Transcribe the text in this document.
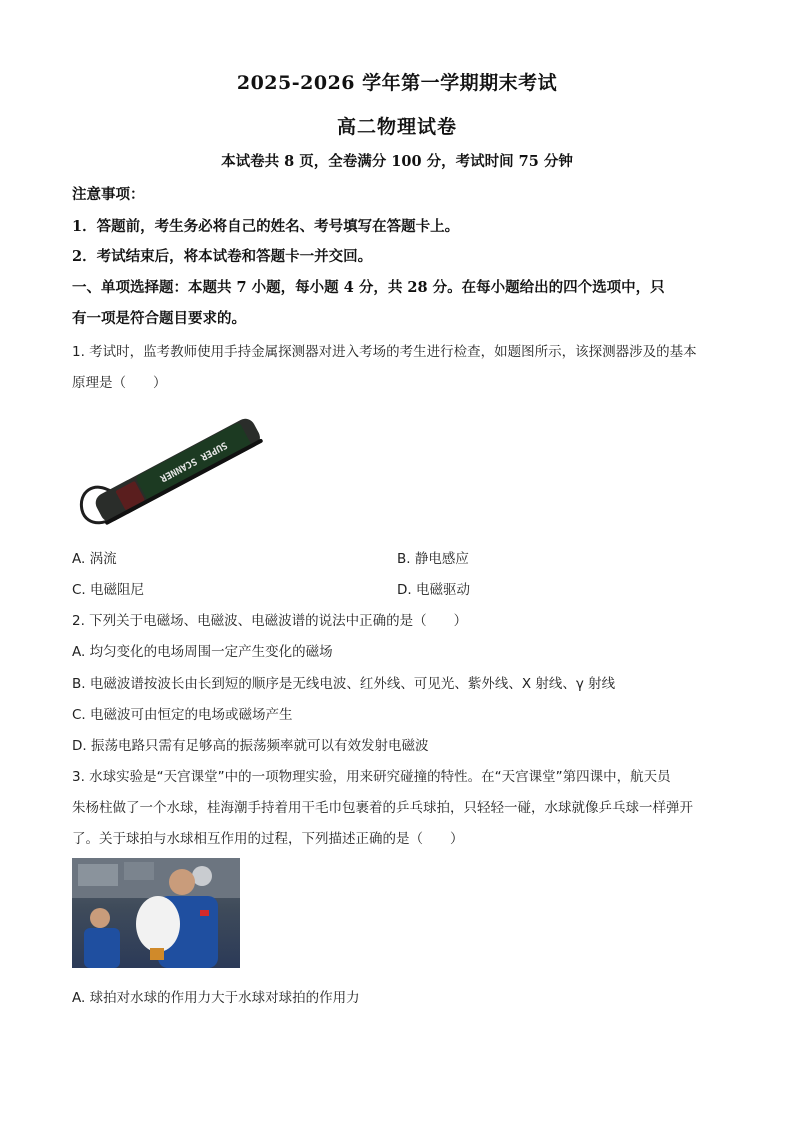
2025-2026 学年第一学期期末考试
高二物理试卷
本试卷共 8 页，全卷满分 100 分，考试时间 75 分钟
注意事项：
1．答题前，考生务必将自己的姓名、考号填写在答题卡上。
2．考试结束后，将本试卷和答题卡一并交回。
一、单项选择题：本题共 7 小题，每小题 4 分，共 28 分。在每小题给出的四个选项中，只
有一项是符合题目要求的。
1. 考试时，监考教师使用手持金属探测器对进入考场的考生进行检查，如题图所示，该探测器涉及的基本
原理是（　　）
SUPER SCANNER
A. 涡流	B. 静电感应
C. 电磁阻尼	D. 电磁驱动
2. 下列关于电磁场、电磁波、电磁波谱的说法中正确的是（　　）
A. 均匀变化的电场周围一定产生变化的磁场
B. 电磁波谱按波长由长到短的顺序是无线电波、红外线、可见光、紫外线、X 射线、γ 射线
C. 电磁波可由恒定的电场或磁场产生
D. 振荡电路只需有足够高的振荡频率就可以有效发射电磁波
3. 水球实验是“天宫课堂”中的一项物理实验，用来研究碰撞的特性。在“天宫课堂”第四课中，航天员
朱杨柱做了一个水球，桂海潮手持着用干毛巾包裹着的乒乓球拍，只轻轻一碰，水球就像乒乓球一样弹开
了。关于球拍与水球相互作用的过程，下列描述正确的是（　　）
A. 球拍对水球的作用力大于水球对球拍的作用力
